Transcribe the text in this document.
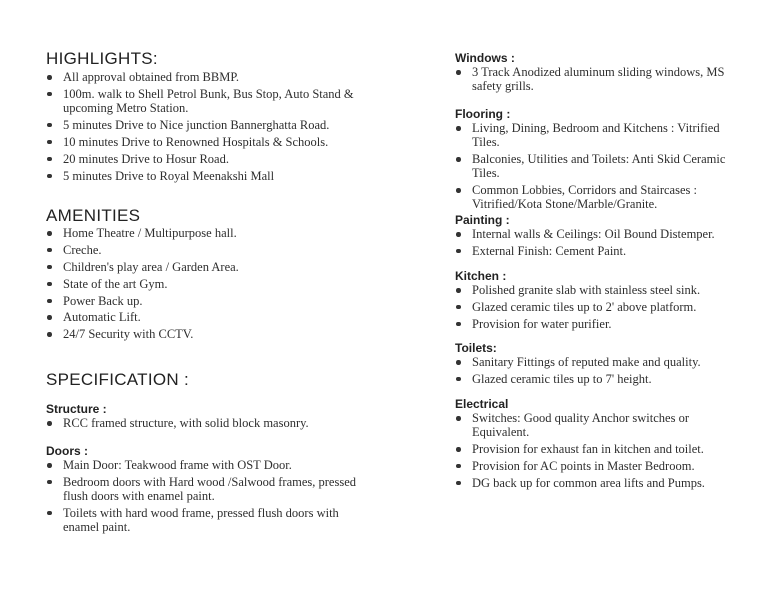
HIGHLIGHTS:
All approval obtained from BBMP.
100m. walk to Shell Petrol Bunk, Bus Stop, Auto Stand & upcoming Metro Station.
5 minutes Drive to Nice junction Bannerghatta Road.
10 minutes Drive to Renowned Hospitals & Schools.
20 minutes Drive to Hosur Road.
5 minutes Drive to Royal Meenakshi Mall
AMENITIES
Home Theatre / Multipurpose hall.
Creche.
Children's play area / Garden Area.
State of the art Gym.
Power Back up.
Automatic Lift.
24/7 Security with CCTV.
SPECIFICATION :
Structure :
RCC framed structure, with solid block masonry.
Doors :
Main Door: Teakwood frame with OST Door.
Bedroom doors with Hard wood /Salwood frames, pressed flush doors with enamel paint.
Toilets with hard wood frame, pressed flush doors with enamel paint.
Windows :
3 Track Anodized aluminum sliding windows, MS safety grills.
Flooring :
Living, Dining, Bedroom and Kitchens : Vitrified Tiles.
Balconies, Utilities and Toilets: Anti Skid Ceramic Tiles.
Common Lobbies, Corridors and Staircases : Vitrified/Kota Stone/Marble/Granite.
Painting :
Internal walls & Ceilings: Oil Bound Distemper.
External Finish: Cement Paint.
Kitchen :
Polished granite slab with stainless steel sink.
Glazed ceramic tiles up to 2' above platform.
Provision for water purifier.
Toilets:
Sanitary Fittings of reputed make and quality.
Glazed ceramic tiles up to 7' height.
Electrical
Switches: Good quality Anchor switches or Equivalent.
Provision for exhaust fan in kitchen and toilet.
Provision for AC points in Master Bedroom.
DG back up for common area lifts and Pumps.
